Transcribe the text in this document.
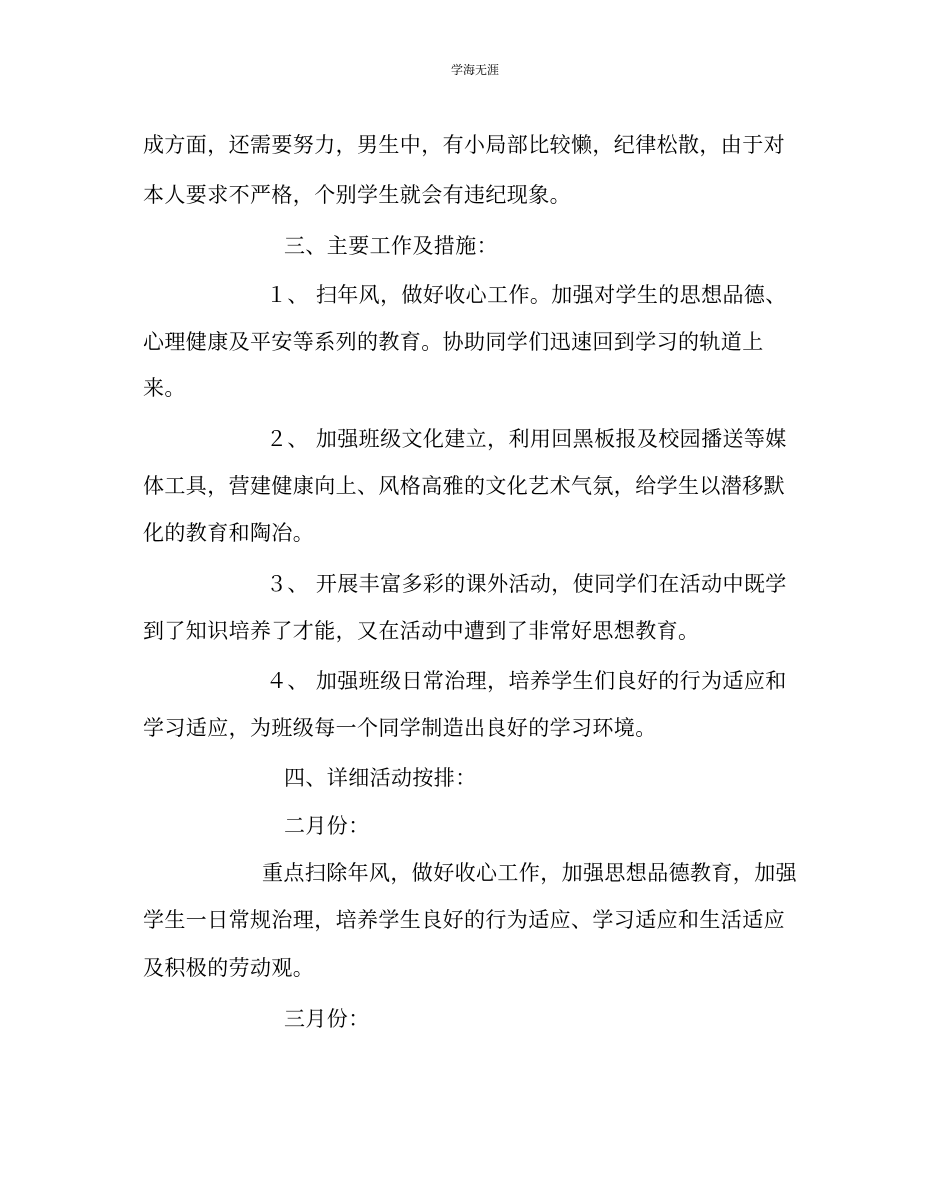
学海无涯
成方面，还需要努力，男生中，有小局部比较懒，纪律松散，由于对
本人要求不严格，个别学生就会有违纪现象。
三、主要工作及措施：
１、 扫年风，做好收心工作。加强对学生的思想品德、
心理健康及平安等系列的教育。协助同学们迅速回到学习的轨道上
来。
２、 加强班级文化建立，利用回黑板报及校园播送等媒
体工具，营建健康向上、风格高雅的文化艺术气氛，给学生以潜移默
化的教育和陶冶。
３、 开展丰富多彩的课外活动，使同学们在活动中既学
到了知识培养了才能，又在活动中遭到了非常好思想教育。
４、 加强班级日常治理，培养学生们良好的行为适应和
学习适应，为班级每一个同学制造出良好的学习环境。
四、详细活动按排：
二月份：
重点扫除年风，做好收心工作，加强思想品德教育，加强
学生一日常规治理，培养学生良好的行为适应、学习适应和生活适应
及积极的劳动观。
三月份：
